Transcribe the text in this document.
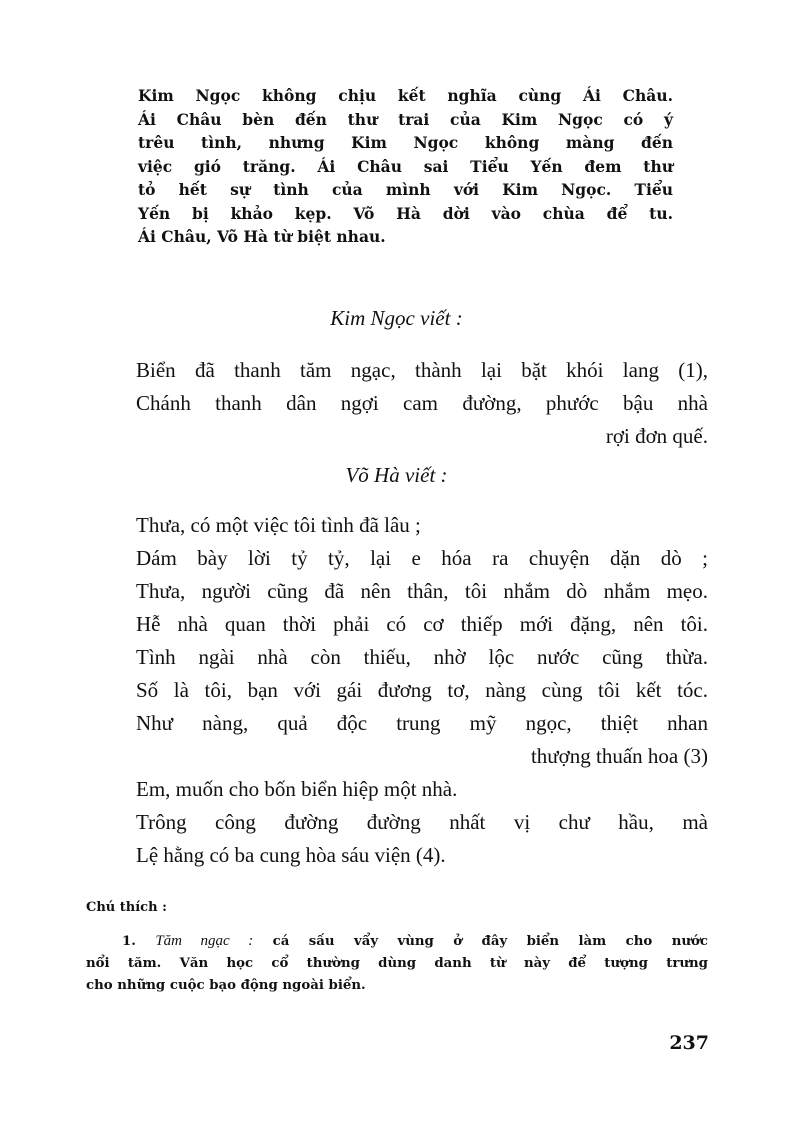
Kim Ngọc không chịu kết nghĩa cùng Ái Châu.
Ái Châu bèn đến thư trai của Kim Ngọc có ý
trêu tình, nhưng Kim Ngọc không màng đến
việc gió trăng. Ái Châu sai Tiểu Yến đem thư
tỏ hết sự tình của mình với Kim Ngọc. Tiểu
Yến bị khảo kẹp. Võ Hà dời vào chùa để tu.
Ái Châu, Võ Hà từ biệt nhau.
Kim Ngọc viết :
Biển đã thanh tăm ngạc, thành lại bặt khói lang (1),
Chánh thanh dân ngợi cam đường, phước bậu nhà
rợi đơn quế.
Võ Hà viết :
Thưa, có một việc tôi tình đã lâu ;
Dám bày lời tỷ tỷ, lại e hóa ra chuyện dặn dò ;
Thưa, người cũng đã nên thân, tôi nhắm dò nhắm mẹo.
Hễ nhà quan thời phải có cơ thiếp mới đặng, nên tôi.
Tình ngài nhà còn thiếu, nhờ lộc nước cũng thừa.
Số là tôi, bạn với gái đương tơ, nàng cùng tôi kết tóc.
Như nàng, quả độc trung mỹ ngọc, thiệt nhan
thượng thuấn hoa (3)
Em, muốn cho bốn biển hiệp một nhà.
Trông công đường đường nhất vị chư hầu, mà
Lệ hằng có ba cung hòa sáu viện (4).
Chú thích :
1. Tăm ngạc : cá sấu vẩy vùng ở đây biển làm cho nước
nổi tăm. Văn học cổ thường dùng danh từ này để tượng trưng
cho những cuộc bạo động ngoài biển.
237
